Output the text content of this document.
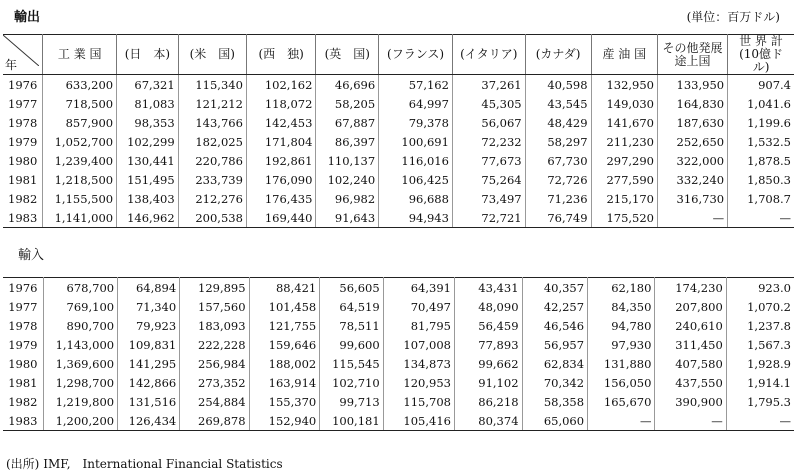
輸出	(単位：百万ドル)
年	工 業 国	(日　本)	(米　国)	(西　独)	(英　国)	(フランス)	(イタリア)	(カナダ)	産 油 国	その他発展途上国	世 界 計(10億ドル)
1976	633,200	67,321	115,340	102,162	46,696	57,162	37,261	40,598	132,950	133,950	907.4
1977	718,500	81,083	121,212	118,072	58,205	64,997	45,305	43,545	149,030	164,830	1,041.6
1978	857,900	98,353	143,766	142,453	67,887	79,378	56,067	48,429	141,670	187,630	1,199.6
1979	1,052,700	102,299	182,025	171,804	86,397	100,691	72,232	58,297	211,230	252,650	1,532.5
1980	1,239,400	130,441	220,786	192,861	110,137	116,016	77,673	67,730	297,290	322,000	1,878.5
1981	1,218,500	151,495	233,739	176,090	102,240	106,425	75,264	72,726	277,590	332,240	1,850.3
1982	1,155,500	138,403	212,276	176,435	96,982	96,688	73,497	71,236	215,170	316,730	1,708.7
1983	1,141,000	146,962	200,538	169,440	91,643	94,943	72,721	76,749	175,520	—	—
輸入
1976	678,700	64,894	129,895	88,421	56,605	64,391	43,431	40,357	62,180	174,230	923.0
1977	769,100	71,340	157,560	101,458	64,519	70,497	48,090	42,257	84,350	207,800	1,070.2
1978	890,700	79,923	183,093	121,755	78,511	81,795	56,459	46,546	94,780	240,610	1,237.8
1979	1,143,000	109,831	222,228	159,646	99,600	107,008	77,893	56,957	97,930	311,450	1,567.3
1980	1,369,600	141,295	256,984	188,002	115,545	134,873	99,662	62,834	131,880	407,580	1,928.9
1981	1,298,700	142,866	273,352	163,914	102,710	120,953	91,102	70,342	156,050	437,550	1,914.1
1982	1,219,800	131,516	254,884	155,370	99,713	115,708	86,218	58,358	165,670	390,900	1,795.3
1983	1,200,200	126,434	269,878	152,940	100,181	105,416	80,374	65,060	—	—	—
(出所) IMF,　International Financial Statistics
